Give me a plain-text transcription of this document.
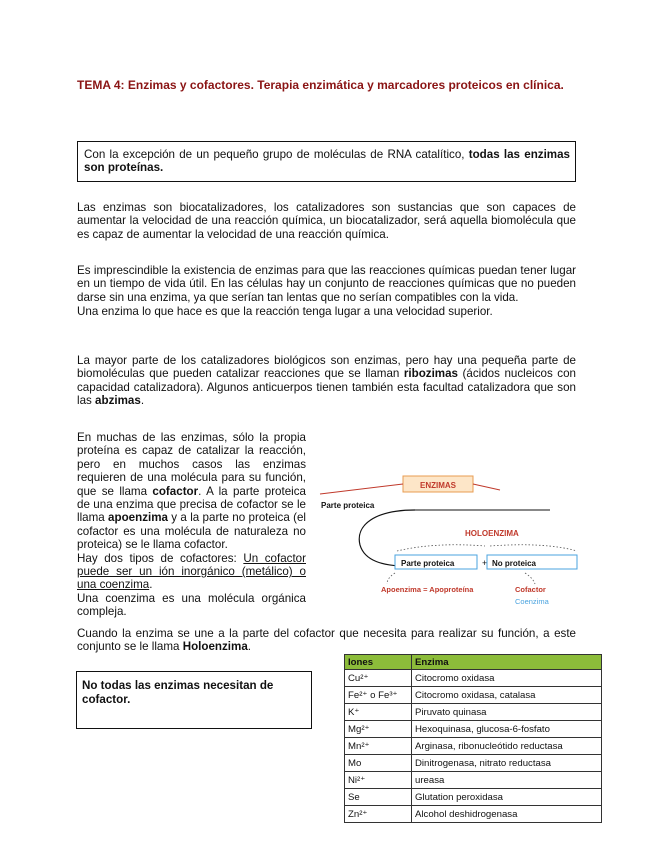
TEMA 4: Enzimas y cofactores. Terapia enzimática y marcadores proteicos en clínica.

Con la excepción de un pequeño grupo de moléculas de RNA catalítico, todas las enzimas son proteínas.

Las enzimas son biocatalizadores, los catalizadores son sustancias que son capaces de aumentar la velocidad de una reacción química, un biocatalizador, será aquella biomolécula que es capaz de aumentar la velocidad de una reacción química.

Es imprescindible la existencia de enzimas para que las reacciones químicas puedan tener lugar en un tiempo de vida útil. En las células hay un conjunto de reacciones químicas que no pueden darse sin una enzima, ya que serían tan lentas que no serían compatibles con la vida.

Una enzima lo que hace es que la reacción tenga lugar a una velocidad superior.

La mayor parte de los catalizadores biológicos son enzimas, pero hay una pequeña parte de biomoléculas que pueden catalizar reacciones que se llaman ribozimas (ácidos nucleicos con capacidad catalizadora). Algunos anticuerpos tienen también esta facultad catalizadora que son las abzimas.

En muchas de las enzimas, sólo la propia proteína es capaz de catalizar la reacción, pero en muchos casos las enzimas requieren de una molécula para su función, que se llama cofactor. A la parte proteica de una enzima que precisa de cofactor se le llama apoenzima y a la parte no proteica (el cofactor es una molécula de naturaleza no proteica) se le llama cofactor.

Hay dos tipos de cofactores: Un cofactor puede ser un ión inorgánico (metálico) o una coenzima.

Una coenzima es una molécula orgánica compleja.

Cuando la enzima se une a la parte del cofactor que necesita para realizar su función, a este conjunto se le llama Holoenzima.

ENZIMAS
Parte proteica
HOLOENZIMA
Parte proteica	+ No proteica
Apoenzima = Apoproteína	Cofactor
Coenzima
No todas las enzimas necesitan de cofactor.
Iones	Enzima
Cu²⁺	Citocromo oxidasa
Fe²⁺ o Fe³⁺	Citocromo oxidasa, catalasa
K⁺	Piruvato quinasa
Mg²⁺	Hexoquinasa, glucosa-6-fosfato
Mn²⁺	Arginasa, ribonucleótido reductasa
Mo	Dinitrogenasa, nitrato reductasa
Ni²⁺	ureasa
Se	Glutation peroxidasa
Zn²⁺	Alcohol deshidrogenasa
